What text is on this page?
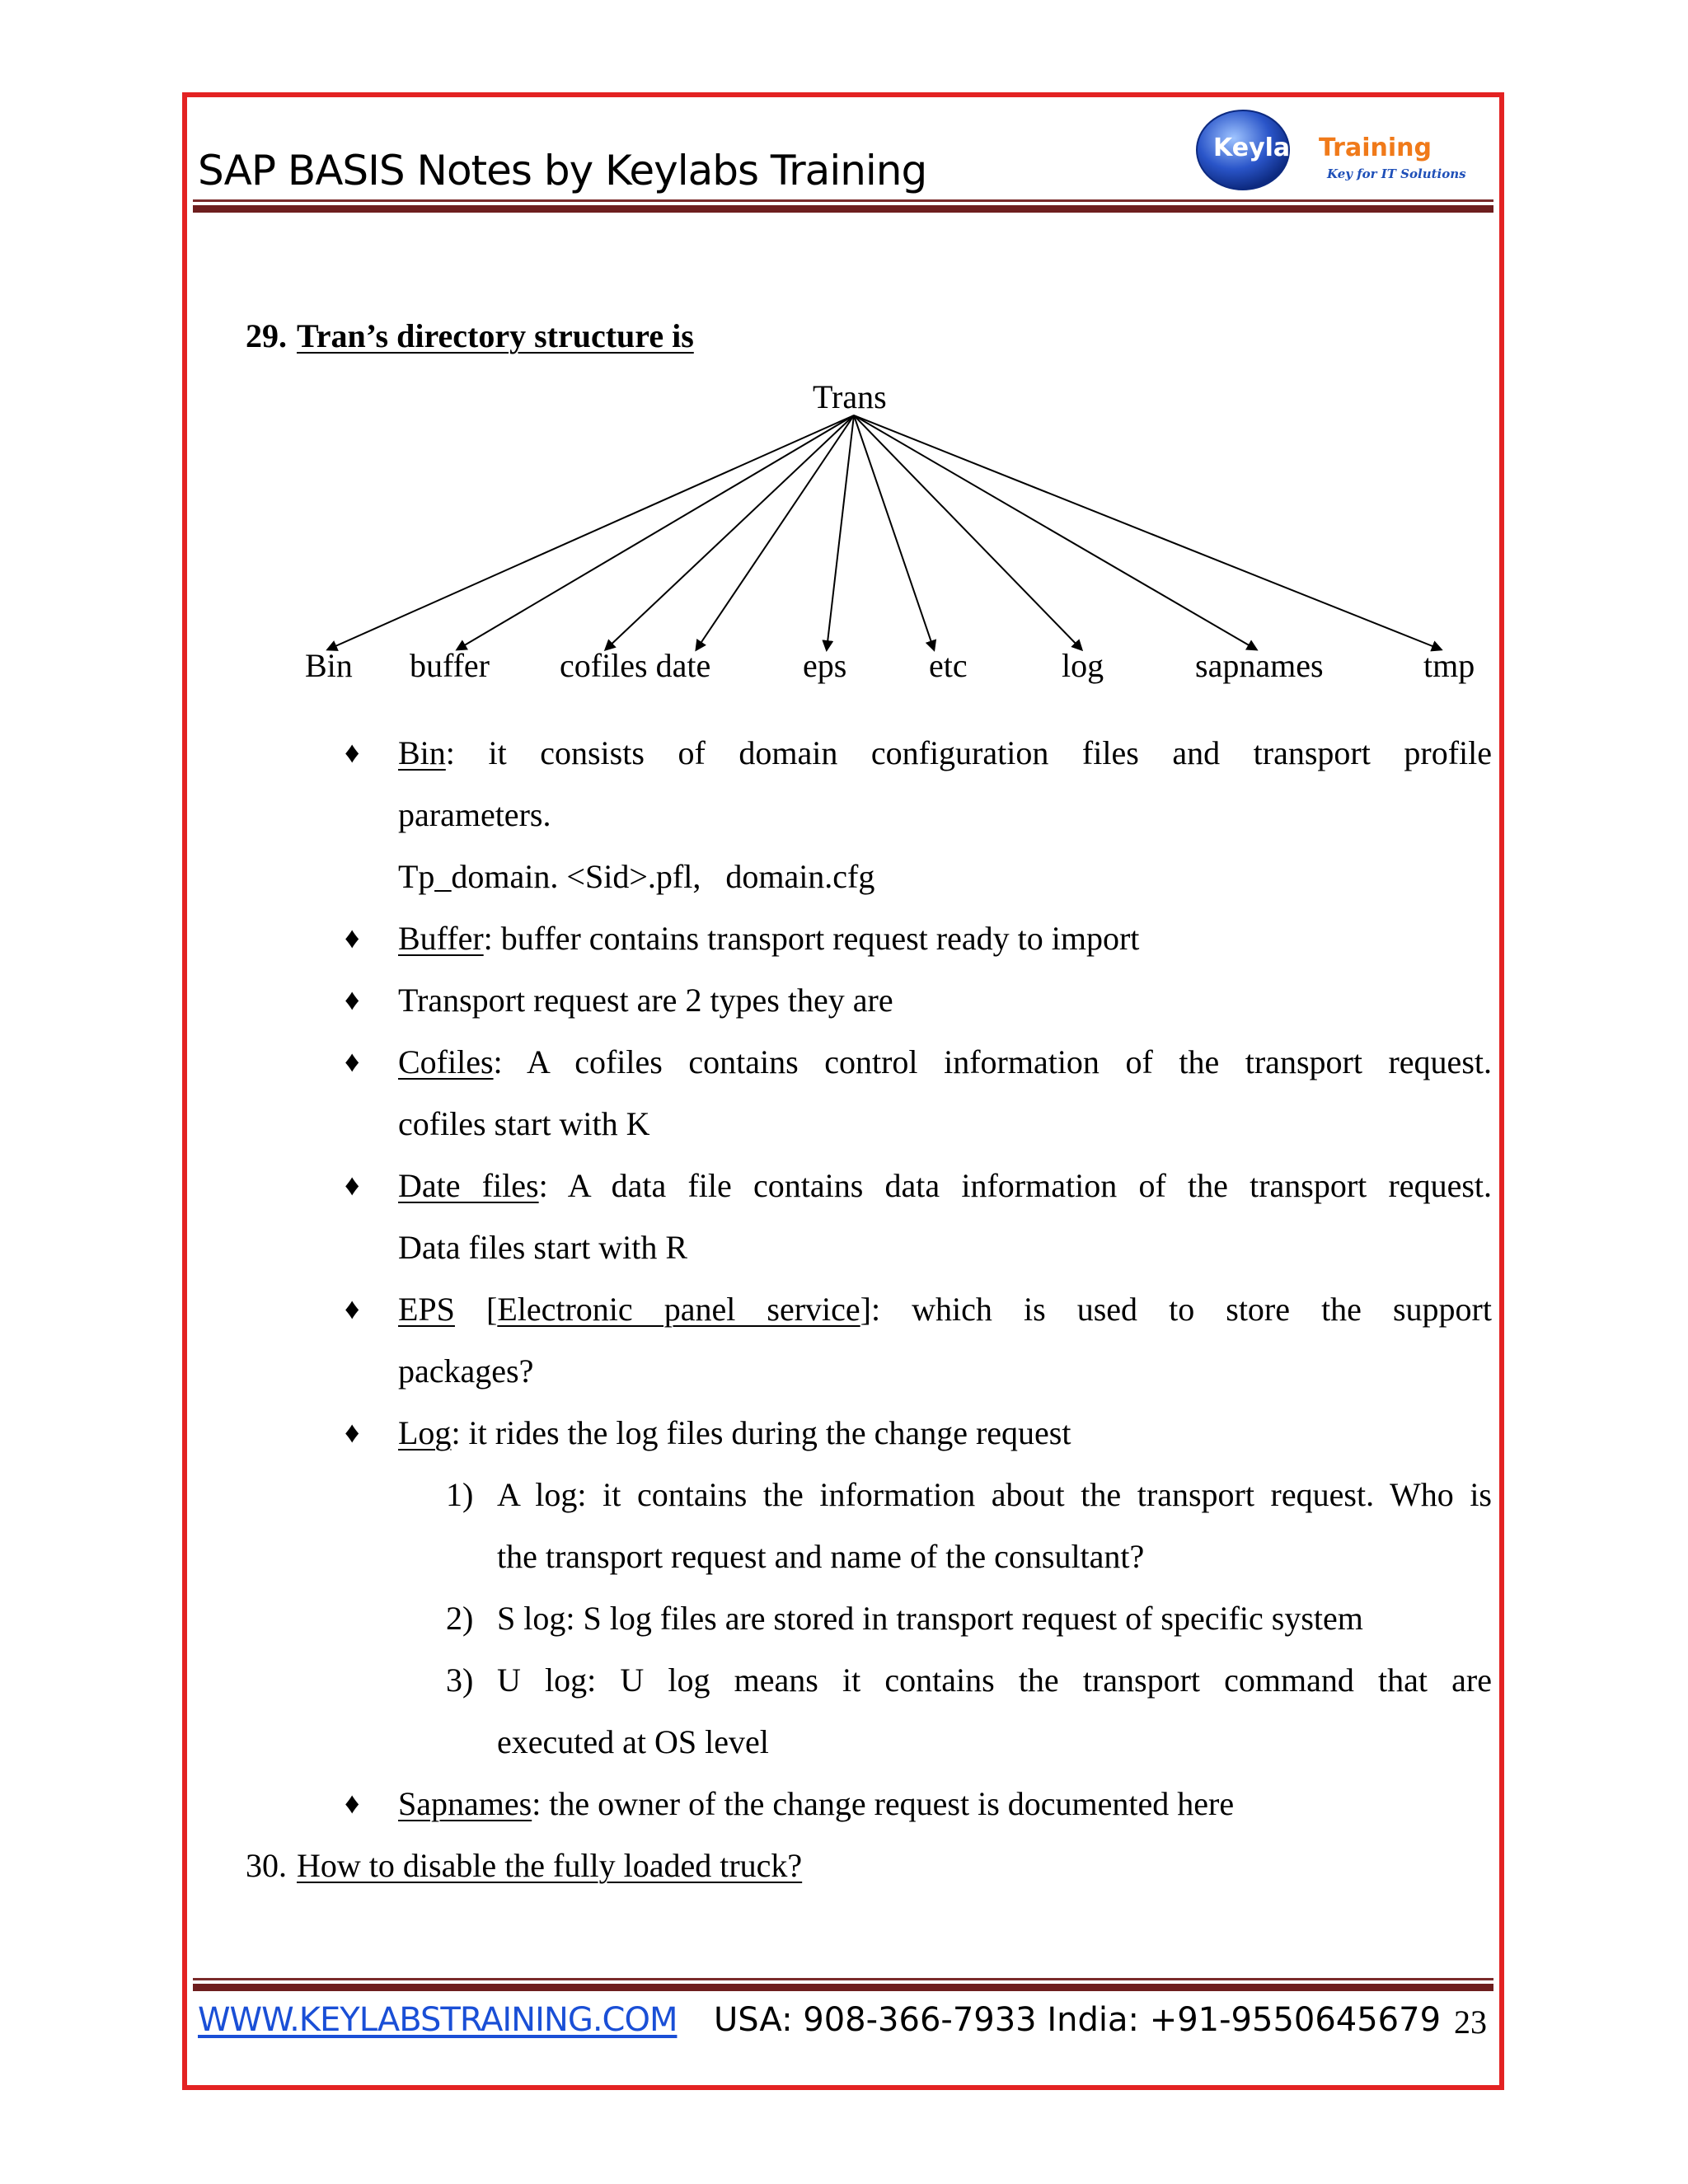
SAP BASIS Notes by Keylabs Training	Keylabs
Training
Key for IT Solutions
29. Tran’s directory structure is
Trans
Bin buffer cofiles date	eps etc	log	sapnames	tmp
♦ Bin: it consists of domain configuration files and transport profile
parameters.
Tp_domain. <Sid>.pfl,   domain.cfg
♦ Buffer: buffer contains transport request ready to import
♦ Transport request are 2 types they are
♦ Cofiles: A cofiles contains control information of the transport request.
cofiles start with K
♦ Date files: A data file contains data information of the transport request.
Data files start with R
♦ EPS [Electronic panel service]: which is used to store the support
packages?
♦ Log: it rides the log files during the change request
1) A log: it contains the information about the transport request. Who is
the transport request and name of the consultant?
2) S log: S log files are stored in transport request of specific system
3) U log: U log means it contains the transport command that are
executed at OS level
♦ Sapnames: the owner of the change request is documented here
30. How to disable the fully loaded truck?
WWW.KEYLABSTRAINING.COM USA: 908-366-7933 India: +91-9550645679 23
